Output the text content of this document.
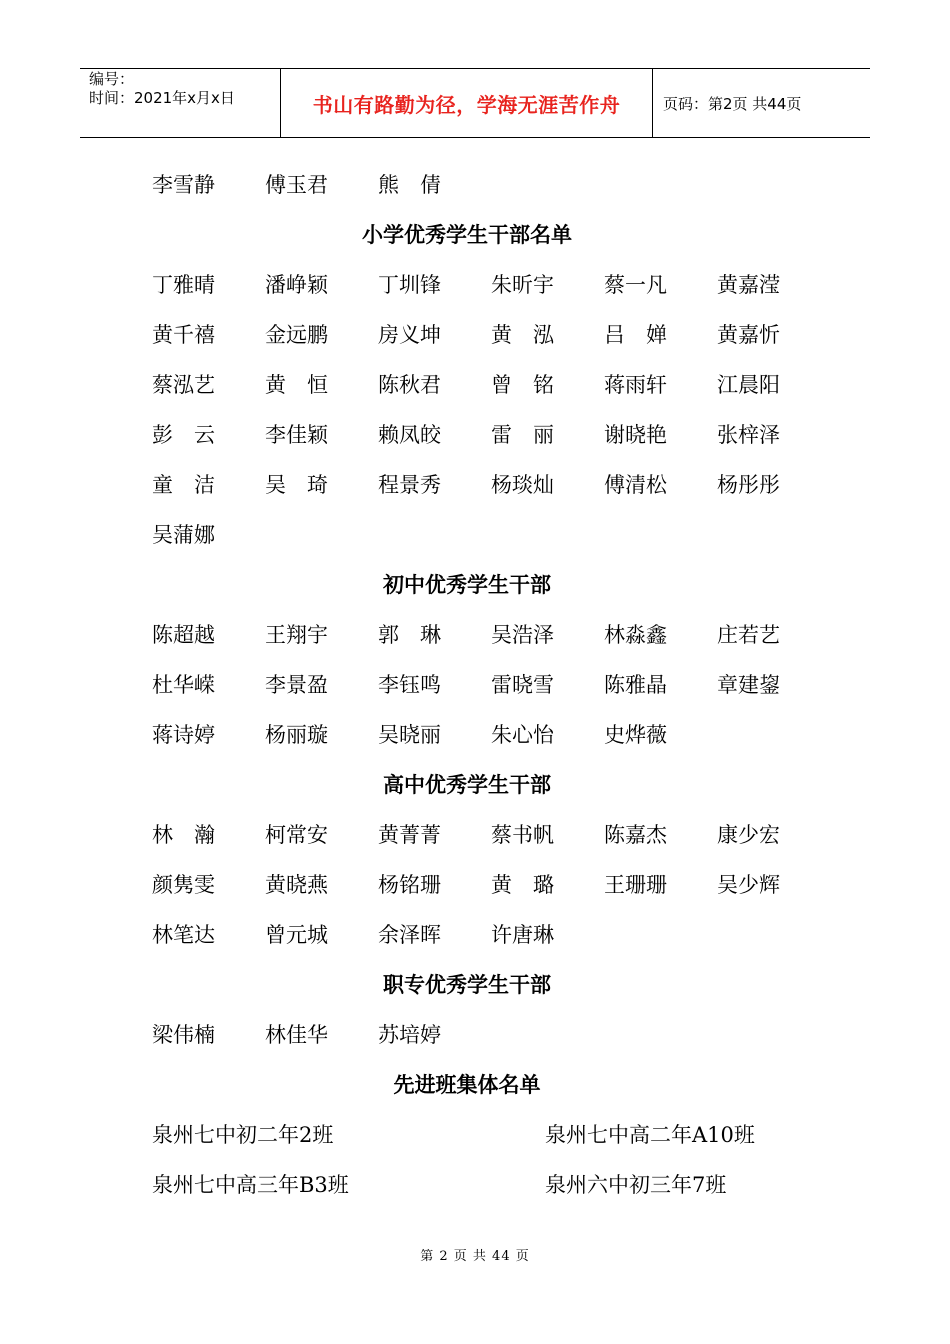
编号：
时间：2021年x月x日	书山有路勤为径，学海无涯苦作舟	页码：第2页 共44页
李雪静 傅玉君 熊　倩
小学优秀学生干部名单
丁雅晴 潘峥颖 丁圳锋 朱昕宇 蔡一凡 黄嘉滢
黄千禧 金远鹏 房义坤 黄　泓 吕　婵 黄嘉忻
蔡泓艺 黄　恒 陈秋君 曾　铭 蒋雨轩 江晨阳
彭　云 李佳颖 赖凤皎 雷　丽 谢晓艳 张梓泽
童　洁 吴　琦 程景秀 杨琰灿 傅清松 杨彤彤
吴蒲娜
初中优秀学生干部
陈超越 王翔宇 郭　琳 吴浩泽 林淼鑫 庄若艺
杜华嵘 李景盈 李钰鸣 雷晓雪 陈雅晶 章建鋆
蒋诗婷 杨丽璇 吴晓丽 朱心怡 史烨薇
高中优秀学生干部
林　瀚 柯常安 黄菁菁 蔡书帆 陈嘉杰 康少宏
颜隽雯 黄晓燕 杨铭珊 黄　璐 王珊珊 吴少辉
林笔达 曾元城 余泽晖 许唐琳
职专优秀学生干部
梁伟楠 林佳华 苏培婷
先进班集体名单
泉州七中初二年2班	泉州七中高二年A10班
泉州七中高三年B3班	泉州六中初三年7班
第 2 页 共 44 页
